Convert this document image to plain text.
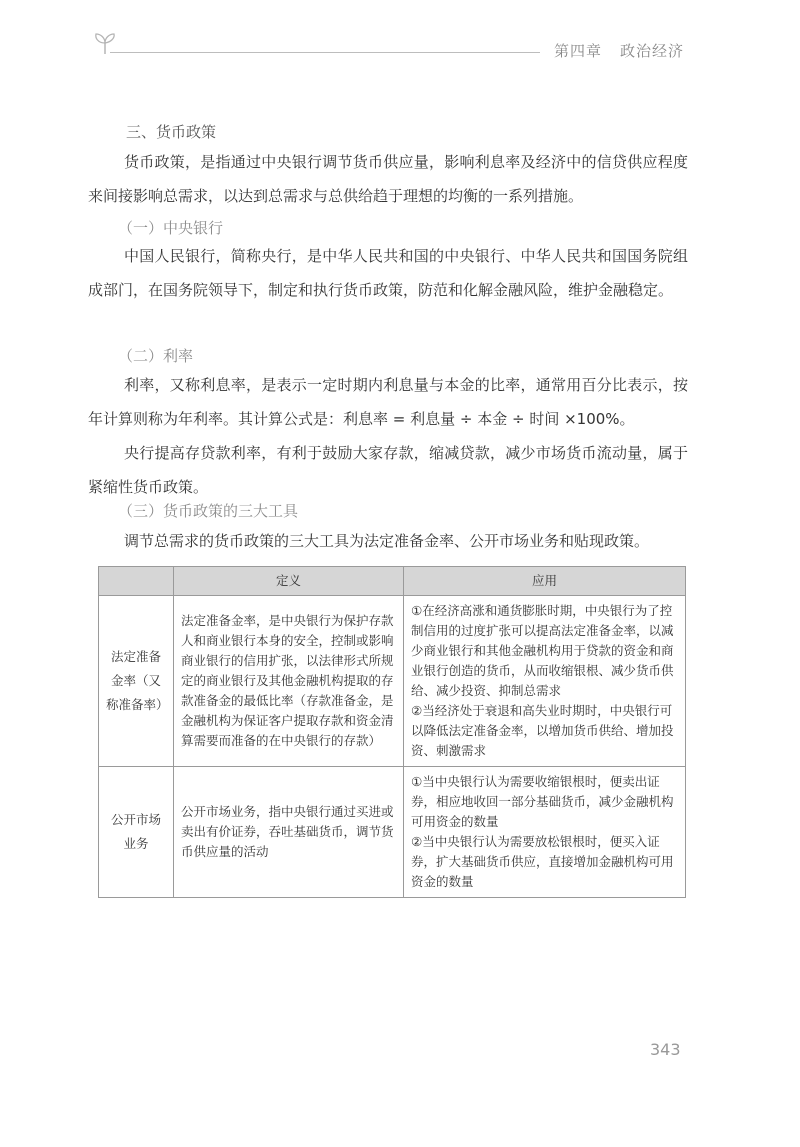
第四章 政治经济
三、货币政策
货币政策，是指通过中央银行调节货币供应量，影响利息率及经济中的信贷供应程度来间接影响总需求，以达到总需求与总供给趋于理想的均衡的一系列措施。
（一）中央银行
中国人民银行，简称央行，是中华人民共和国的中央银行、中华人民共和国国务院组成部门，在国务院领导下，制定和执行货币政策，防范和化解金融风险，维护金融稳定。
（二）利率
利率，又称利息率，是表示一定时期内利息量与本金的比率，通常用百分比表示，按年计算则称为年利率。其计算公式是：利息率 = 利息量 ÷ 本金 ÷ 时间 ×100%。
央行提高存贷款利率，有利于鼓励大家存款，缩减贷款，减少市场货币流动量，属于紧缩性货币政策。
（三）货币政策的三大工具
调节总需求的货币政策的三大工具为法定准备金率、公开市场业务和贴现政策。
	定义	应用
法定准备金率（又称准备率）	法定准备金率，是中央银行为保护存款人和商业银行本身的安全，控制或影响商业银行的信用扩张，以法律形式所规定的商业银行及其他金融机构提取的存款准备金的最低比率（存款准备金，是金融机构为保证客户提取存款和资金清算需要而准备的在中央银行的存款）	①在经济高涨和通货膨胀时期，中央银行为了控制信用的过度扩张可以提高法定准备金率，以减少商业银行和其他金融机构用于贷款的资金和商业银行创造的货币，从而收缩银根、减少货币供给、减少投资、抑制总需求
②当经济处于衰退和高失业时期时，中央银行可以降低法定准备金率，以增加货币供给、增加投资、刺激需求

公开市场业务	公开市场业务，指中央银行通过买进或卖出有价证券，吞吐基础货币，调节货币供应量的活动	①当中央银行认为需要收缩银根时，便卖出证券，相应地收回一部分基础货币，减少金融机构可用资金的数量
②当中央银行认为需要放松银根时，便买入证券，扩大基础货币供应，直接增加金融机构可用资金的数量
343
